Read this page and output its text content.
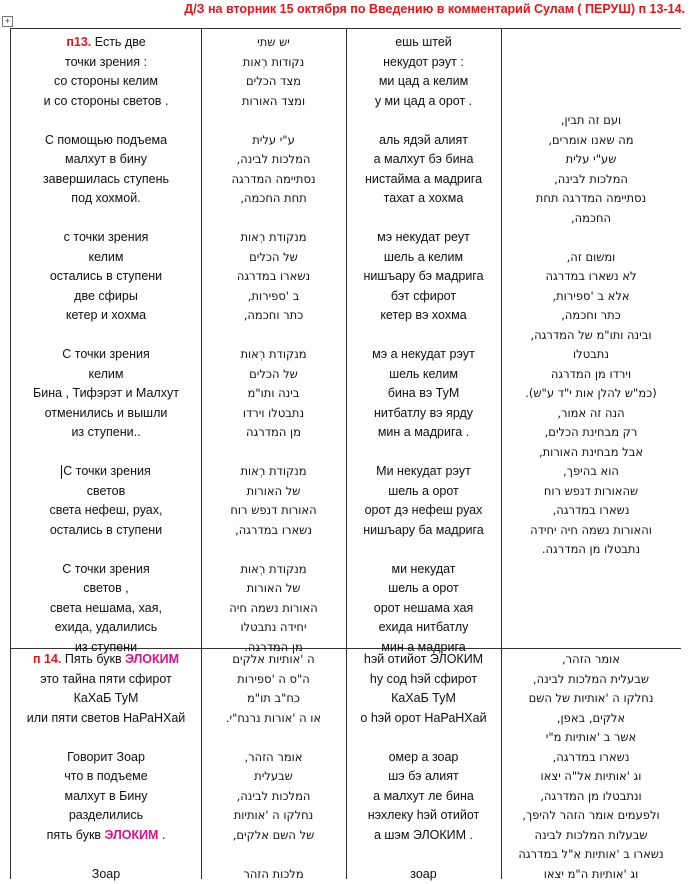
Д/З на вторник 15 октября по Введению в комментарий Сулам ( ПЕРУШ) п 13-14.
+
п13. Есть две
точки зрения :
со стороны келим
и со стороны светов .
С помощью подъема
малхут в бину
завершилась ступень
под хохмой.
с точки зрения
келим
остались в ступени
две сфиры
кетер и хохма
С точки зрения
келим
Бина , Тифэрэт и Малхут
отменились и вышли
из ступени..
С точки зрения
светов
света нефеш, руах,
остались в ступени
С точки зрения
светов ,
света нешама, хая,
ехида, удалились
из ступени
יש שתי
נקודות רְאות
מצד הכלים
ומצד האורות
ע"י עלית
המלכות לבינה,
נסתיימה המדרגה
תחת החכמה,
מנקודת רְאות
של הכלים
נשארו במדרגה
ב 'ספירות,
כתר וחכמה,
מנקודת רְאות
של הכלים
בינה ותו"מ
נתבטלו וירדו
מן המדרגה
מנקודת רְאות
של האורות
האורות דנפש רוח
נשארו במדרגה,
מנקודת רְאות
של האורות
האורות נשמה חיה
יחידה נתבטלו
מן המדרגה.
ешь штей
некудот рэут :
ми цад а келим
у ми цад а орот .
аль ядэй алият
а малхут бэ бина
нистайма а мадрига
тахат а хохма
мэ некудат реут
шель а келим
нишъару бэ мадрига
бэт сфирот
кетер вэ хохма
мэ а некудат рэут
шель келим
бина вэ ТуМ
нитбатлу вэ ярду
мин а мадрига .
Ми некудат рэут
шель а орот
орот дэ нефеш руах
нишъару ба мадрига
ми некудат
шель а орот
орот нешама хая
ехида нитбатлу
мин а мадрига
ועם זה תבין,
מה שאנו אומרים,
שע"י עלית
המלכות לבינה,
נסתיימה המדרגה תחת
החכמה,
ומשום זה,
לא נשארו במדרגה
אלא ב 'ספירות,
כתר וחכמה,
ובינה ותו"מ של המדרגה,
נתבטלו
וירדו מן המדרגה
(כמ"ש להלן אות י"ד ע"ש).
הנה זה אמור,
רק מבחינת הכלים,
אבל מבחינת האורות,
הוא בהיפך,
שהאורות דנפש רוח
נשארו במדרגה,
והאורות נשמה חיה יחידה
נתבטלו מן המדרגה.
п 14. Пять букв ЭЛОКИМ
это тайна пяти сфирот
КаХаБ ТуМ
или пяти светов НаРаНХай
Говорит Зоар
что в подъеме
малхут в Бину
разделились
пять букв ЭЛОКИМ .
Зоар
ה 'אותיות אלקים
ה"ס ה 'ספירות
כח"ב תו"מ
או ה 'אורות נרנח"י.
אומר הזהר,
שבעלית
המלכות לבינה,
נחלקו ה 'אותיות
של השם אלקים,
מלכות הזהר
hэй отийот ЭЛОКИМ
hу сод hэй сфирот
КаХаБ ТуМ
о hэй орот НаРаНХай
омер а зоар
шэ бэ алият
а малхут лe бина
нэхлеку hэй отийот
а шэм ЭЛОКИМ .
зоар
אומר הזהר,
שבעלית המלכות לבינה,
נחלקו ה 'אותיות של השם
אלקים, באפן,
אשר ב 'אותיות מ"י
נשארו במדרגה,
וג 'אותיות אל"ה יצאו
ונתבטלו מן המדרגה,
ולפעמים אומר הזהר להיפך,
שבעלות המלכות לבינה
נשארו ב 'אותיות א"ל במדרגה
וג 'אותיות ה"מ יצאו
